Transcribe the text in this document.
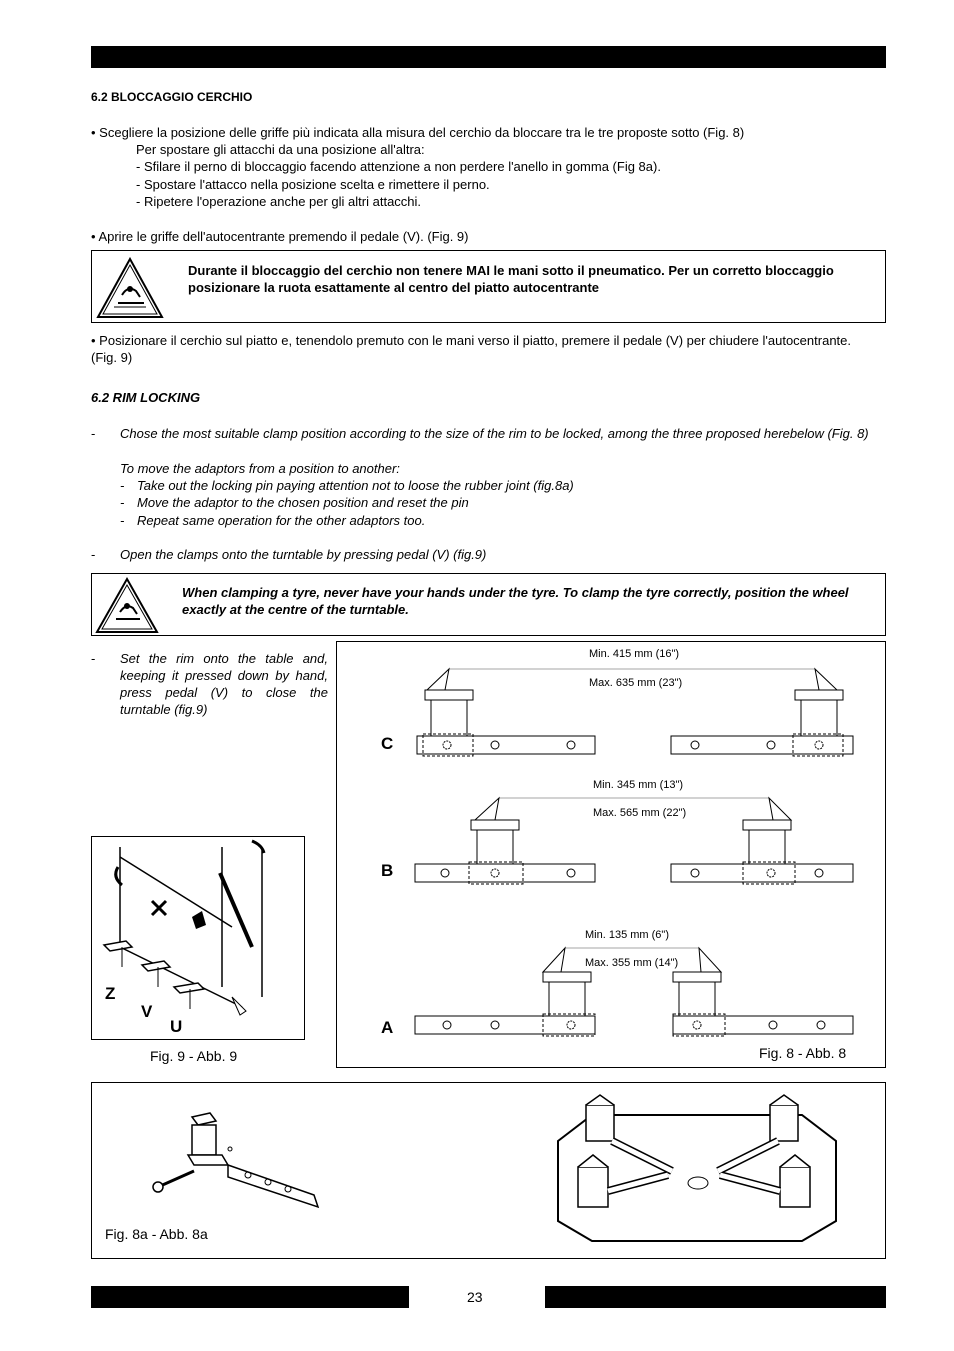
6.2 BLOCCAGGIO CERCHIO
• Scegliere la posizione delle griffe più indicata alla misura del cerchio da bloccare tra le tre proposte sotto (Fig. 8)
Per spostare gli attacchi da una posizione all'altra:
- Sfilare il perno di bloccaggio facendo attenzione a non perdere l'anello in gomma (Fig 8a).
- Spostare l'attacco nella posizione scelta e rimettere il perno.
- Ripetere l'operazione anche per gli altri attacchi.
• Aprire le griffe dell'autocentrante premendo il pedale (V). (Fig. 9)
Durante il bloccaggio del cerchio non tenere MAI le mani sotto il pneumatico. Per un corretto bloccaggio posizionare la ruota esattamente al centro del piatto autocentrante
• Posizionare il cerchio sul piatto e, tenendolo premuto con le mani verso il piatto, premere il pedale (V) per chiudere l'autocentrante. (Fig. 9)
6.2 RIM LOCKING
- Chose the most suitable clamp position according to the size of the rim to be locked, among the three proposed herebelow (Fig. 8)
To move the adaptors from a position to another:
- Take out the locking pin paying attention not to loose the rubber joint (fig.8a)
- Move the adaptor to the chosen position and reset the pin
- Repeat same operation for the other adaptors too.
- Open the clamps onto the turntable by pressing pedal (V) (fig.9)
When clamping a tyre, never have your hands under the tyre. To clamp the tyre correctly, position the wheel exactly at the centre of the turntable.
- Set the rim onto the table and, keeping it pressed down by hand, press pedal (V) to close the turntable (fig.9)
Z
V
U
Fig. 9 - Abb. 9
Min. 415 mm (16")
Max. 635 mm (23")
C
Min. 345 mm (13")
Max. 565 mm (22")
B
Min. 135 mm (6")
Max. 355 mm (14")
A
Fig. 8 - Abb. 8
Fig. 8a - Abb. 8a
23
